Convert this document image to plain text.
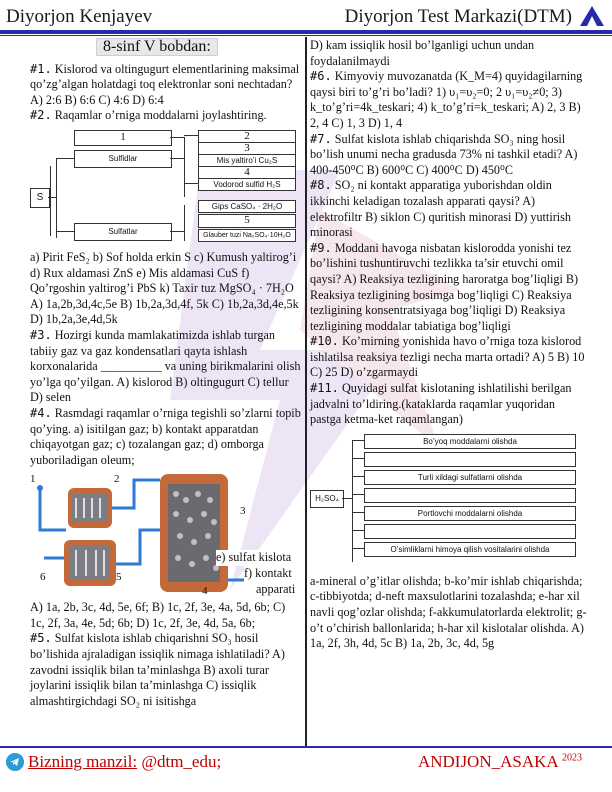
Diyorjon Kenjayev	Diyorjon Test Markazi(DTM)
8-sinf V bobdan:

#1. Kislorod va oltingugurt elementlarining maksimal qo’zg’algan holatdagi toq elektronlar soni nechtadan? A) 2:6 B) 6:6 C) 4:6 D) 6:4

#2. Raqamlar o’rniga moddalarni joylashtiring.

S
Sulfidlar
Sulfatlar
1	2
3
Mis yaltiro’i Cu₂S
4
Vodorod sulfid H₂S
Gips CaSO₄ · 2H₂O
5
Glauber tuzi Na₂SO₄·10H₂O

a) Pirit FeS₂ b) Sof holda erkin S c) Kumush yaltirog’i d) Rux aldamasi ZnS e) Mis aldamasi CuS f) Qo’rgoshin yaltirog’i PbS k) Taxir tuz MgSO₄ · 7H₂O A) 1a,2b,3d,4c,5e B) 1b,2a,3d,4f, 5k C) 1b,2a,3d,4e,5k D) 1b,2a,3e,4d,5k

#3. Hozirgi kunda mamlakatimizda ishlab turgan tabiiy gaz va gaz kondensatlari qayta ishlash korxonalarida __________ va uning birikmalarini olish yo’lga qo’yilgan. A) kislorod B) oltingugurt C) tellur D) selen

#4. Rasmdagi raqamlar o’rniga tegishli so’zlarni topib qo’ying. a) isitilgan gaz; b) kontakt apparatdan chiqayotgan gaz; c) tozalangan gaz; d) omborga yuboriladigan oleum;

1	2
3
4
5
6
e) sulfat kislota
f) kontakt
apparati

A) 1a, 2b, 3c, 4d, 5e, 6f; B) 1c, 2f, 3e, 4a, 5d, 6b; C) 1c, 2f, 3a, 4e, 5d; 6b; D) 1c, 2f, 3e, 4d, 5a, 6b;

#5. Sulfat kislota ishlab chiqarishni SO₃ hosil bo’lishida ajraladigan issiqlik nimaga ishlatiladi? A) zavodni issiqlik bilan ta’minlashga B) axoli turar joylarini issiqlik bilan ta’minlashga C) issiqlik almashtirgichdagi SO₂ ni isitishga

D) kam issiqlik hosil bo’lganligi uchun undan foydalanilmaydi

#6. Kimyoviy muvozanatda (K_M=4) quyidagilarning qaysi biri to’g’ri bo’ladi? 1) υ₁=υ₂=0; 2 υ₁=υ₂≠0; 3) k_to’g’ri=4k_teskari; 4) k_to’g’ri=k_teskari; A) 2, 3 B) 2, 4 C) 1, 3 D) 1, 4

#7. Sulfat kislota ishlab chiqarishda SO₃ ning hosil bo’lish unumi necha gradusda 73% ni tashkil etadi? A) 400-450⁰C B) 600⁰C C) 400⁰C D) 450⁰C

#8. SO₂ ni kontakt apparatiga yuborishdan oldin ikkinchi keladigan tozalash apparati qaysi? A) elektrofiltr B) siklon C) quritish minorasi D) yuttirish minorasi

#9. Moddani havoga nisbatan kislorodda yonishi tez bo’lishini tushuntiruvchi tezlikka ta’sir etuvchi omil qaysi? A) Reaksiya tezligining haroratga bog’liqligi B) Reaksiya tezligining bosimga bog’liqligi C) Reaksiya tezligining konsentratsiyaga bog’liqligi D) Reaksiya tezligining moddalar tabiatiga bog’liqligi

#10. Ko’mirning yonishida havo o’rniga toza kislorod ishlatilsa reaksiya tezligi necha marta ortadi? A) 5 B) 10 C) 25 D) o’zgarmaydi

#11. Quyidagi sulfat kislotaning ishlatilishi berilgan jadvalni to’ldiring.(kataklarda raqamlar yuqoridan pastga ketma-ket raqamlangan)

H₂SO₄
Bo’yoq moddalarni olishda
Turli xildagi sulfatlarni olishda
Portlovchi moddalarni olishda
O’simliklarni himoya qilish vositalarini olishda

a-mineral o’g’itlar olishda; b-ko’mir ishlab chiqarishda; c-tibbiyotda; d-neft maxsulotlarini tozalashda; e-har xil navli qog’ozlar olishda; f-akkumulatorlarda elektrolit; g-o’t o’chirish ballonlarida; h-har xil kislotalar olishda. A) 1a, 2f, 3h, 4d, 5c B) 1a, 2b, 3c, 4d, 5g

Bizning manzil: @dtm_edu;	ANDIJON_ASAKA $^{2023}$
